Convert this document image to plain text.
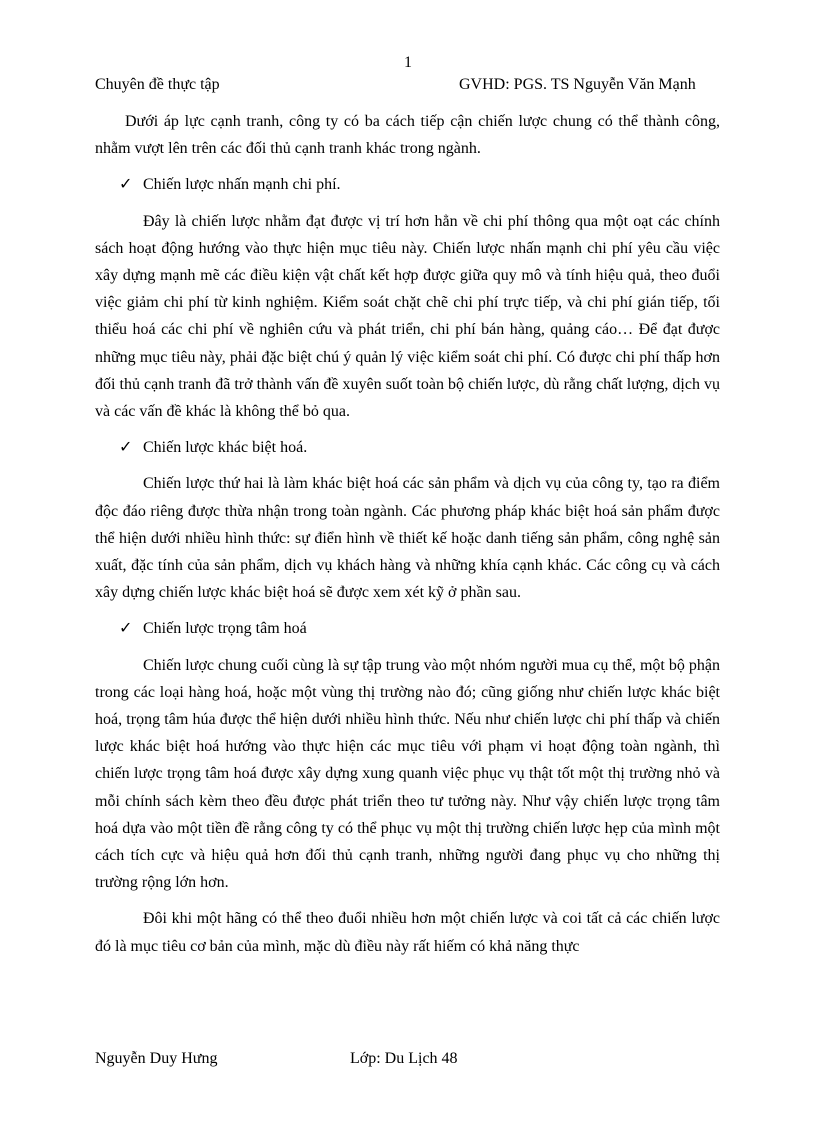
1
Chuyên đề thực tập	GVHD: PGS. TS Nguyễn Văn Mạnh

Dưới áp lực cạnh tranh, công ty có ba cách tiếp cận chiến lược chung có thể thành công, nhằm vượt lên trên các đối thủ cạnh tranh khác trong ngành.

✓ Chiến lược nhấn mạnh chi phí.

Đây là chiến lược nhằm đạt được vị trí hơn hẳn về chi phí thông qua một oạt các chính sách hoạt động hướng vào thực hiện mục tiêu này. Chiến lược nhấn mạnh chi phí yêu cầu việc xây dựng mạnh mẽ các điều kiện vật chất kết hợp được giữa quy mô và tính hiệu quả, theo đuổi việc giảm chi phí từ kinh nghiệm. Kiểm soát chặt chẽ chi phí trực tiếp, và chi phí gián tiếp, tối thiểu hoá các chi phí về nghiên cứu và phát triển, chi phí bán hàng, quảng cáo… Để đạt được những mục tiêu này, phải đặc biệt chú ý quản lý việc kiểm soát chi phí. Có được chi phí thấp hơn đối thủ cạnh tranh đã trở thành vấn đề xuyên suốt toàn bộ chiến lược, dù rằng chất lượng, dịch vụ và các vấn đề khác là không thể bỏ qua.

✓ Chiến lược khác biệt hoá.

Chiến lược thứ hai là làm khác biệt hoá các sản phẩm và dịch vụ của công ty, tạo ra điểm độc đáo riêng được thừa nhận trong toàn ngành. Các phương pháp khác biệt hoá sản phẩm được thể hiện dưới nhiều hình thức: sự điển hình về thiết kế hoặc danh tiếng sản phẩm, công nghệ sản xuất, đặc tính của sản phẩm, dịch vụ khách hàng và những khía cạnh khác. Các công cụ và cách xây dựng chiến lược khác biệt hoá sẽ được xem xét kỹ ở phần sau.

✓ Chiến lược trọng tâm hoá

Chiến lược chung cuối cùng là sự tập trung vào một nhóm người mua cụ thể, một bộ phận trong các loại hàng hoá, hoặc một vùng thị trường nào đó; cũng giống như chiến lược khác biệt hoá, trọng tâm húa được thể hiện dưới nhiều hình thức. Nếu như chiến lược chi phí thấp và chiến lược khác biệt hoá hướng vào thực hiện các mục tiêu với phạm vi hoạt động toàn ngành, thì chiến lược trọng tâm hoá được xây dựng xung quanh việc phục vụ thật tốt một thị trường nhỏ và mỗi chính sách kèm theo đều được phát triển theo tư tưởng này. Như vậy chiến lược trọng tâm hoá dựa vào một tiền đề rằng công ty có thể phục vụ một thị trường chiến lược hẹp của mình một cách tích cực và hiệu quả hơn đối thủ cạnh tranh, những người đang phục vụ cho những thị trường rộng lớn hơn.

Đôi khi một hãng có thể theo đuổi nhiều hơn một chiến lược và coi tất cả các chiến lược đó là mục tiêu cơ bản của mình, mặc dù điều này rất hiếm có khả năng thực

Nguyễn Duy Hưng	Lớp: Du Lịch 48
